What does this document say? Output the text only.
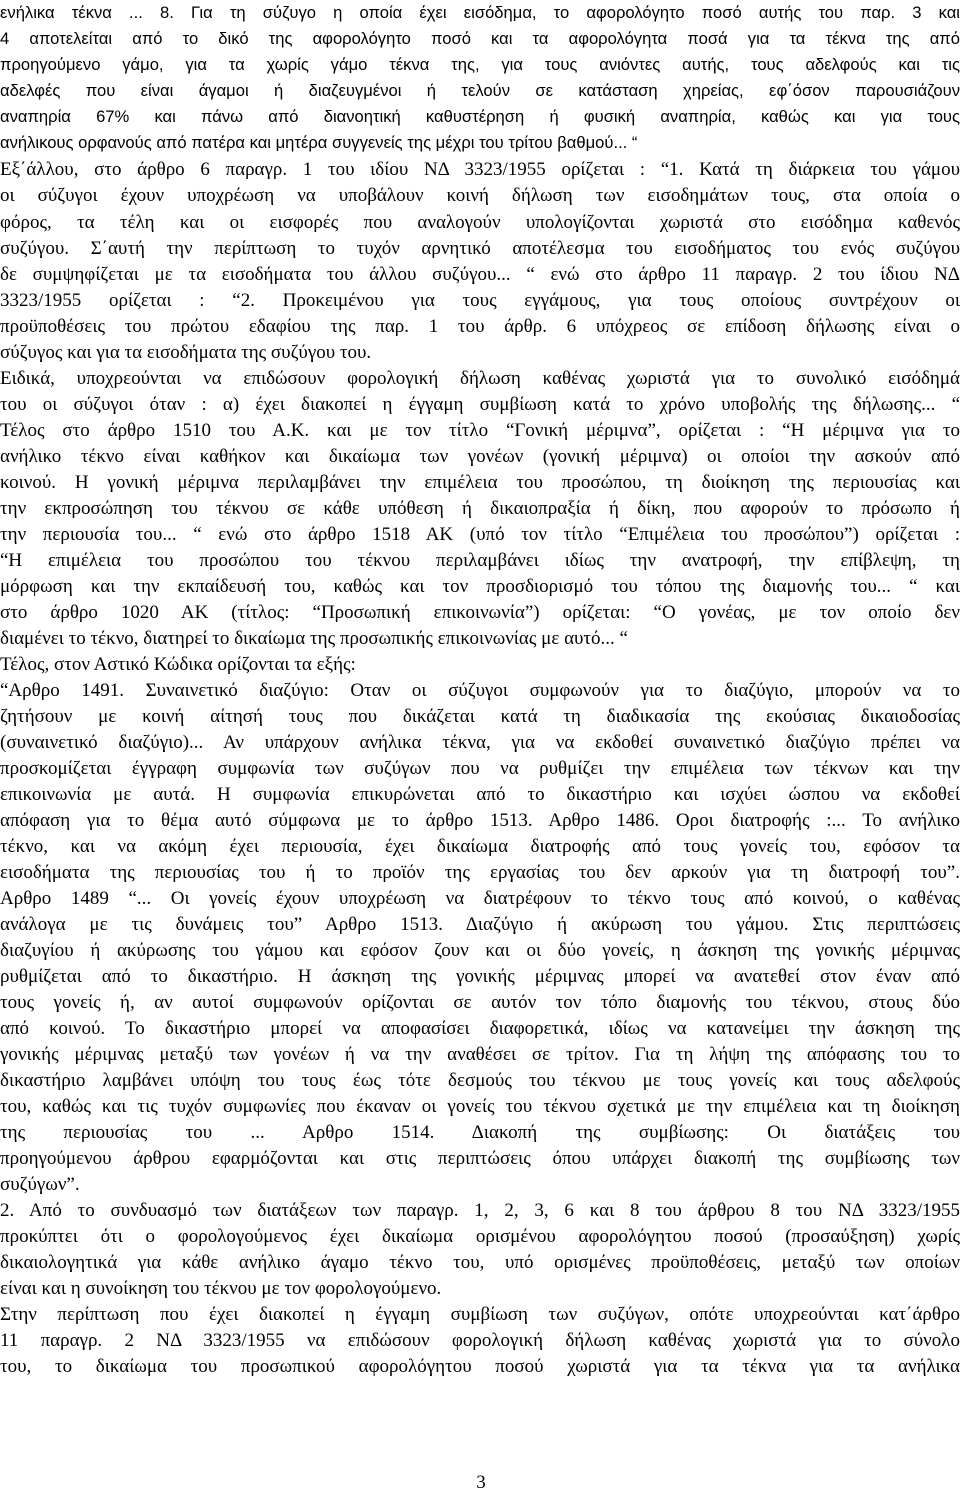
ενήλικα τέκνα ... 8. Για τη σύζυγο η οποία έχει εισόδημα, το αφορολόγητο ποσό αυτής του παρ. 3 και
4 αποτελείται από το δικό της αφορολόγητο ποσό και τα αφορολόγητα ποσά για τα τέκνα της από
προηγούμενο γάμο, για τα χωρίς γάμο τέκνα της, για τους ανιόντες αυτής, τους αδελφούς και τις
αδελφές που είναι άγαμοι ή διαζευγμένοι ή τελούν σε κατάσταση χηρείας, εφ΄όσον παρουσιάζουν
αναπηρία 67% και πάνω από διανοητική καθυστέρηση ή φυσική αναπηρία, καθώς και για τους
ανήλικους ορφανούς από πατέρα και μητέρα συγγενείς της μέχρι του τρίτου βαθμού... “
Εξ΄άλλου, στο άρθρο 6 παραγρ. 1 του ιδίου ΝΔ 3323/1955 ορίζεται : “1. Κατά τη διάρκεια του γάμου
οι σύζυγοι έχουν υποχρέωση να υποβάλουν κοινή δήλωση των εισοδημάτων τους, στα οποία ο
φόρος, τα τέλη και οι εισφορές που αναλογούν υπολογίζονται χωριστά στο εισόδημα καθενός
συζύγου. Σ΄αυτή την περίπτωση το τυχόν αρνητικό αποτέλεσμα του εισοδήματος του ενός συζύγου
δε συμψηφίζεται με τα εισοδήματα του άλλου συζύγου... “ ενώ στο άρθρο 11 παραγρ. 2 του ίδιου ΝΔ
3323/1955 ορίζεται : “2. Προκειμένου για τους εγγάμους, για τους οποίους συντρέχουν οι
προϋποθέσεις του πρώτου εδαφίου της παρ. 1 του άρθρ. 6 υπόχρεος σε επίδοση δήλωσης είναι ο
σύζυγος και για τα εισοδήματα της συζύγου του.
Ειδικά, υποχρεούνται να επιδώσουν φορολογική δήλωση καθένας χωριστά για το συνολικό εισόδημά
του οι σύζυγοι όταν : α) έχει διακοπεί η έγγαμη συμβίωση κατά το χρόνο υποβολής της δήλωσης... “
Τέλος στο άρθρο 1510 του Α.Κ. και με τον τίτλο “Γονική μέριμνα”, ορίζεται : “Η μέριμνα για το
ανήλικο τέκνο είναι καθήκον και δικαίωμα των γονέων (γονική μέριμνα) οι οποίοι την ασκούν από
κοινού. Η γονική μέριμνα περιλαμβάνει την επιμέλεια του προσώπου, τη διοίκηση της περιουσίας και
την εκπροσώπηση του τέκνου σε κάθε υπόθεση ή δικαιοπραξία ή δίκη, που αφορούν το πρόσωπο ή
την περιουσία του... “ ενώ στο άρθρο 1518 ΑΚ (υπό τον τίτλο “Επιμέλεια του προσώπου”) ορίζεται :
“Η επιμέλεια του προσώπου του τέκνου περιλαμβάνει ιδίως την ανατροφή, την επίβλεψη, τη
μόρφωση και την εκπαίδευσή του, καθώς και τον προσδιορισμό του τόπου της διαμονής του... “ και
στο άρθρο 1020 ΑΚ (τίτλος: “Προσωπική επικοινωνία”) ορίζεται: “Ο γονέας, με τον οποίο δεν
διαμένει το τέκνο, διατηρεί το δικαίωμα της προσωπικής επικοινωνίας με αυτό... “
Τέλος, στον Αστικό Κώδικα ορίζονται τα εξής:
“Αρθρο 1491. Συναινετικό διαζύγιο: Οταν οι σύζυγοι συμφωνούν για το διαζύγιο, μπορούν να το
ζητήσουν με κοινή αίτησή τους που δικάζεται κατά τη διαδικασία της εκούσιας δικαιοδοσίας
(συναινετικό διαζύγιο)... Αν υπάρχουν ανήλικα τέκνα, για να εκδοθεί συναινετικό διαζύγιο πρέπει να
προσκομίζεται έγγραφη συμφωνία των συζύγων που να ρυθμίζει την επιμέλεια των τέκνων και την
επικοινωνία με αυτά. Η συμφωνία επικυρώνεται από το δικαστήριο και ισχύει ώσπου να εκδοθεί
απόφαση για το θέμα αυτό σύμφωνα με το άρθρο 1513. Αρθρο 1486. Οροι διατροφής :... Το ανήλικο
τέκνο, και να ακόμη έχει περιουσία, έχει δικαίωμα διατροφής από τους γονείς του, εφόσον τα
εισοδήματα της περιουσίας του ή το προϊόν της εργασίας του δεν αρκούν για τη διατροφή του”.
Αρθρο 1489 “... Οι γονείς έχουν υποχρέωση να διατρέφουν το τέκνο τους από κοινού, ο καθένας
ανάλογα με τις δυνάμεις του” Αρθρο 1513. Διαζύγιο ή ακύρωση του γάμου. Στις περιπτώσεις
διαζυγίου ή ακύρωσης του γάμου και εφόσον ζουν και οι δύο γονείς, η άσκηση της γονικής μέριμνας
ρυθμίζεται από το δικαστήριο. Η άσκηση της γονικής μέριμνας μπορεί να ανατεθεί στον έναν από
τους γονείς ή, αν αυτοί συμφωνούν ορίζονται σε αυτόν τον τόπο διαμονής του τέκνου, στους δύο
από κοινού. Το δικαστήριο μπορεί να αποφασίσει διαφορετικά, ιδίως να κατανείμει την άσκηση της
γονικής μέριμνας μεταξύ των γονέων ή να την αναθέσει σε τρίτον. Για τη λήψη της απόφασης του το
δικαστήριο λαμβάνει υπόψη του τους έως τότε δεσμούς του τέκνου με τους γονείς και τους αδελφούς
του, καθώς και τις τυχόν συμφωνίες που έκαναν οι γονείς του τέκνου σχετικά με την επιμέλεια και τη διοίκηση
της περιουσίας του ... Αρθρο 1514. Διακοπή της συμβίωσης: Οι διατάξεις του
προηγούμενου άρθρου εφαρμόζονται και στις περιπτώσεις όπου υπάρχει διακοπή της συμβίωσης των
συζύγων”.
2. Από το συνδυασμό των διατάξεων των παραγρ. 1, 2, 3, 6 και 8 του άρθρου 8 του ΝΔ 3323/1955
προκύπτει ότι ο φορολογούμενος έχει δικαίωμα ορισμένου αφορολόγητου ποσού (προσαύξηση) χωρίς
δικαιολογητικά για κάθε ανήλικο άγαμο τέκνο του, υπό ορισμένες προϋποθέσεις, μεταξύ των οποίων
είναι και η συνοίκηση του τέκνου με τον φορολογούμενο.
Στην περίπτωση που έχει διακοπεί η έγγαμη συμβίωση των συζύγων, οπότε υποχρεούνται κατ΄άρθρο
11 παραγρ. 2 ΝΔ 3323/1955 να επιδώσουν φορολογική δήλωση καθένας χωριστά για το σύνολο
του, το δικαίωμα του προσωπικού αφορολόγητου ποσού χωριστά για τα τέκνα για τα ανήλικα
3
